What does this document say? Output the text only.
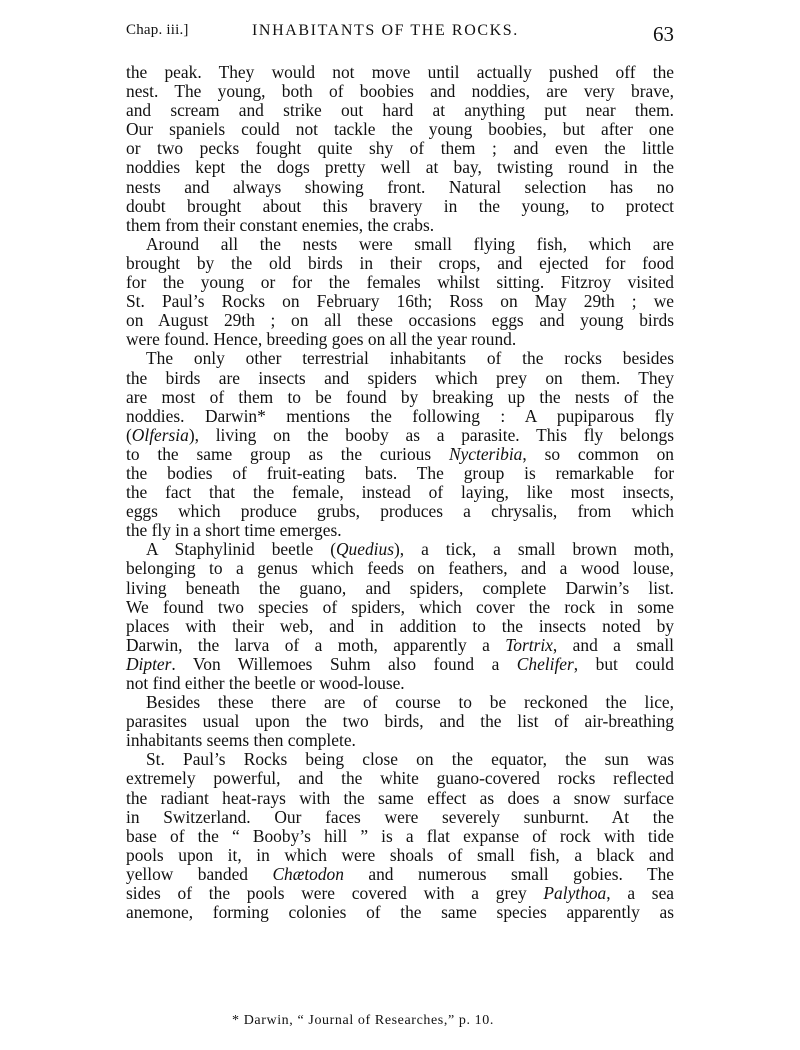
Chap. iii.]	INHABITANTS OF THE ROCKS.	63
the peak. They would not move until actually pushed off the
nest. The young, both of boobies and noddies, are very brave,
and scream and strike out hard at anything put near them.
Our spaniels could not tackle the young boobies, but after one
or two pecks fought quite shy of them ; and even the little
noddies kept the dogs pretty well at bay, twisting round in the
nests and always showing front. Natural selection has no
doubt brought about this bravery in the young, to protect
them from their constant enemies, the crabs.
Around all the nests were small flying fish, which are
brought by the old birds in their crops, and ejected for food
for the young or for the females whilst sitting. Fitzroy visited
St. Paul’s Rocks on February 16th; Ross on May 29th ; we
on August 29th ; on all these occasions eggs and young birds
were found. Hence, breeding goes on all the year round.
The only other terrestrial inhabitants of the rocks besides
the birds are insects and spiders which prey on them. They
are most of them to be found by breaking up the nests of the
noddies. Darwin* mentions the following : A pupiparous fly
(Olfersia), living on the booby as a parasite. This fly belongs
to the same group as the curious Nycteribia, so common on
the bodies of fruit-eating bats. The group is remarkable for
the fact that the female, instead of laying, like most insects,
eggs which produce grubs, produces a chrysalis, from which
the fly in a short time emerges.
A Staphylinid beetle (Quedius), a tick, a small brown moth,
belonging to a genus which feeds on feathers, and a wood louse,
living beneath the guano, and spiders, complete Darwin’s list.
We found two species of spiders, which cover the rock in some
places with their web, and in addition to the insects noted by
Darwin, the larva of a moth, apparently a Tortrix, and a small
Dipter. Von Willemoes Suhm also found a Chelifer, but could
not find either the beetle or wood-louse.
Besides these there are of course to be reckoned the lice,
parasites usual upon the two birds, and the list of air-breathing
inhabitants seems then complete.
St. Paul’s Rocks being close on the equator, the sun was
extremely powerful, and the white guano-covered rocks reflected
the radiant heat-rays with the same effect as does a snow surface
in Switzerland. Our faces were severely sunburnt. At the
base of the “ Booby’s hill ” is a flat expanse of rock with tide
pools upon it, in which were shoals of small fish, a black and
yellow banded Chætodon and numerous small gobies. The
sides of the pools were covered with a grey Palythoa, a sea
anemone, forming colonies of the same species apparently as
* Darwin, “ Journal of Researches,” p. 10.
